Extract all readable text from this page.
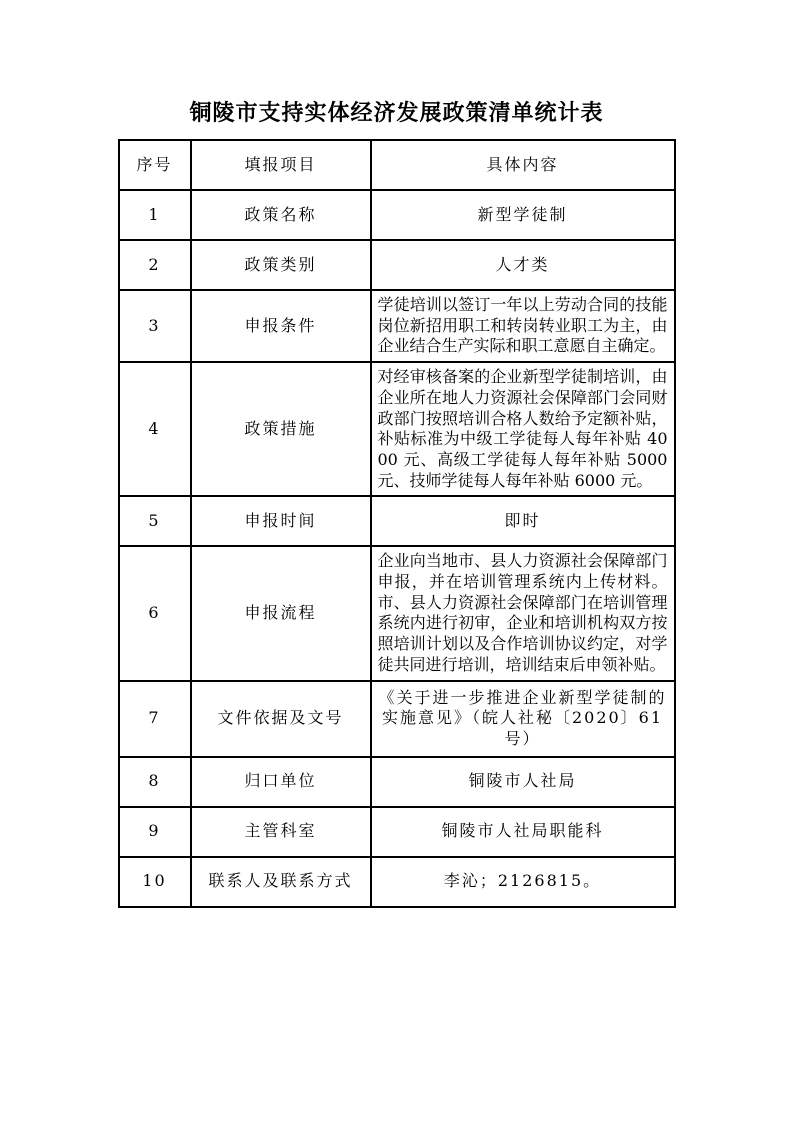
铜陵市支持实体经济发展政策清单统计表
序号	填报项目	具体内容
1	政策名称	新型学徒制
2	政策类别	人才类
3	申报条件	学徒培训以签订一年以上劳动合同的技能岗位新招用职工和转岗转业职工为主，由企业结合生产实际和职工意愿自主确定。
4	政策措施	对经审核备案的企业新型学徒制培训，由企业所在地人力资源社会保障部门会同财政部门按照培训合格人数给予定额补贴，补贴标准为中级工学徒每人每年补贴 4000 元、高级工学徒每人每年补贴 5000 元、技师学徒每人每年补贴 6000 元。
5	申报时间	即时
6	申报流程	企业向当地市、县人力资源社会保障部门申报，并在培训管理系统内上传材料。市、县人力资源社会保障部门在培训管理系统内进行初审，企业和培训机构双方按照培训计划以及合作培训协议约定，对学徒共同进行培训，培训结束后申领补贴。
7	文件依据及文号	《关于进一步推进企业新型学徒制的实施意见》（皖人社秘〔2020〕61 号）
8	归口单位	铜陵市人社局
9	主管科室	铜陵市人社局职能科
10	联系人及联系方式	李沁；2126815。
